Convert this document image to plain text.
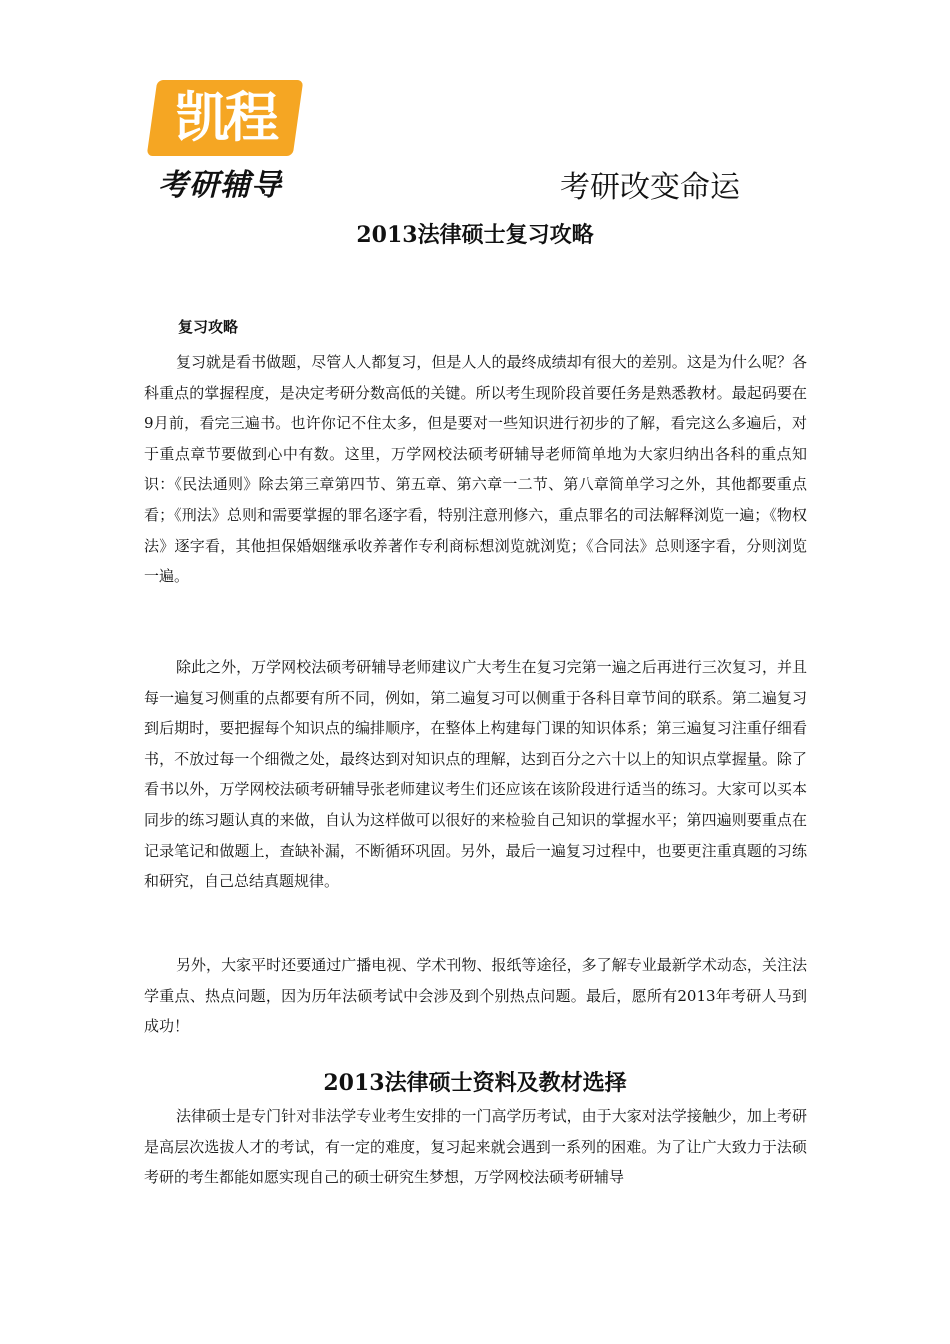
凯程
考研辅导	考研改变命运
2013法律硕士复习攻略
复习攻略

复习就是看书做题，尽管人人都复习，但是人人的最终成绩却有很大的差别。这是为什么呢？各科重点的掌握程度，是决定考研分数高低的关键。所以考生现阶段首要任务是熟悉教材。最起码要在9月前，看完三遍书。也许你记不住太多，但是要对一些知识进行初步的了解，看完这么多遍后，对于重点章节要做到心中有数。这里，万学网校法硕考研辅导老师简单地为大家归纳出各科的重点知识：《民法通则》除去第三章第四节、第五章、第六章一二节、第八章简单学习之外，其他都要重点看；《刑法》总则和需要掌握的罪名逐字看，特别注意刑修六，重点罪名的司法解释浏览一遍；《物权法》逐字看，其他担保婚姻继承收养著作专利商标想浏览就浏览；《合同法》总则逐字看，分则浏览一遍。

除此之外，万学网校法硕考研辅导老师建议广大考生在复习完第一遍之后再进行三次复习，并且每一遍复习侧重的点都要有所不同，例如，第二遍复习可以侧重于各科目章节间的联系。第二遍复习到后期时，要把握每个知识点的编排顺序，在整体上构建每门课的知识体系；第三遍复习注重仔细看书，不放过每一个细微之处，最终达到对知识点的理解，达到百分之六十以上的知识点掌握量。除了看书以外，万学网校法硕考研辅导张老师建议考生们还应该在该阶段进行适当的练习。大家可以买本同步的练习题认真的来做，自认为这样做可以很好的来检验自己知识的掌握水平；第四遍则要重点在记录笔记和做题上，查缺补漏，不断循环巩固。另外，最后一遍复习过程中，也要更注重真题的习练和研究，自己总结真题规律。

另外，大家平时还要通过广播电视、学术刊物、报纸等途径，多了解专业最新学术动态，关注法学重点、热点问题，因为历年法硕考试中会涉及到个别热点问题。最后，愿所有2013年考研人马到成功！

2013法律硕士资料及教材选择

法律硕士是专门针对非法学专业考生安排的一门高学历考试，由于大家对法学接触少，加上考研是高层次选拔人才的考试，有一定的难度，复习起来就会遇到一系列的困难。为了让广大致力于法硕考研的考生都能如愿实现自己的硕士研究生梦想，万学网校法硕考研辅导
